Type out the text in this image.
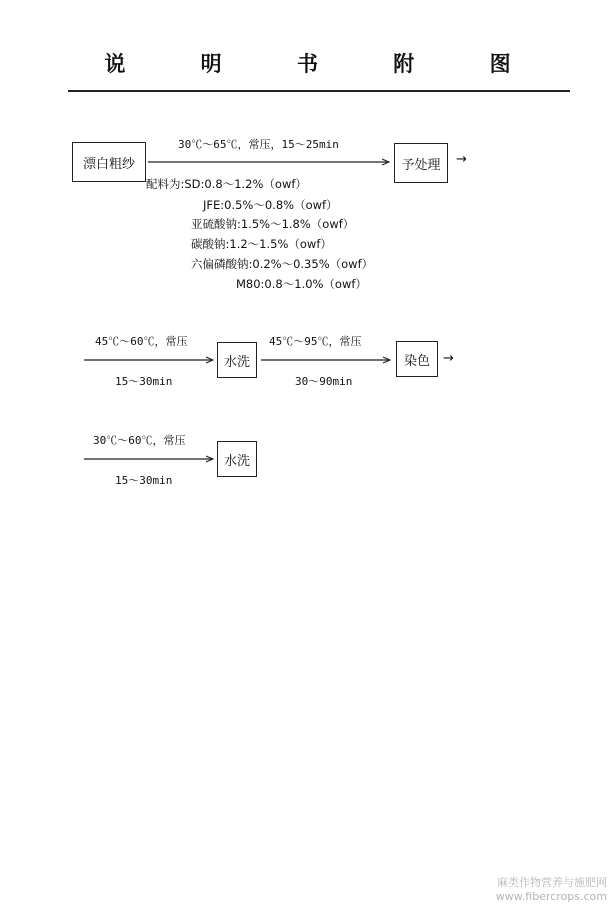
说 明 书 附 图
漂白粗纱
30℃～65℃，常压，15～25min
予处理	→
配料为:SD:0.8～1.2%（owf）
JFE:0.5%～0.8%（owf）
亚硫酸钠:1.5%～1.8%（owf）
碳酸钠:1.2～1.5%（owf）
六偏磷酸钠:0.2%～0.35%（owf）
M80:0.8～1.0%（owf）
45℃～60℃，常压
15～30min
水洗
45℃～95℃，常压
30～90min
染色	→
30℃～60℃，常压
15～30min
水洗
麻类作物营养与施肥网
www.fibercrops.com
